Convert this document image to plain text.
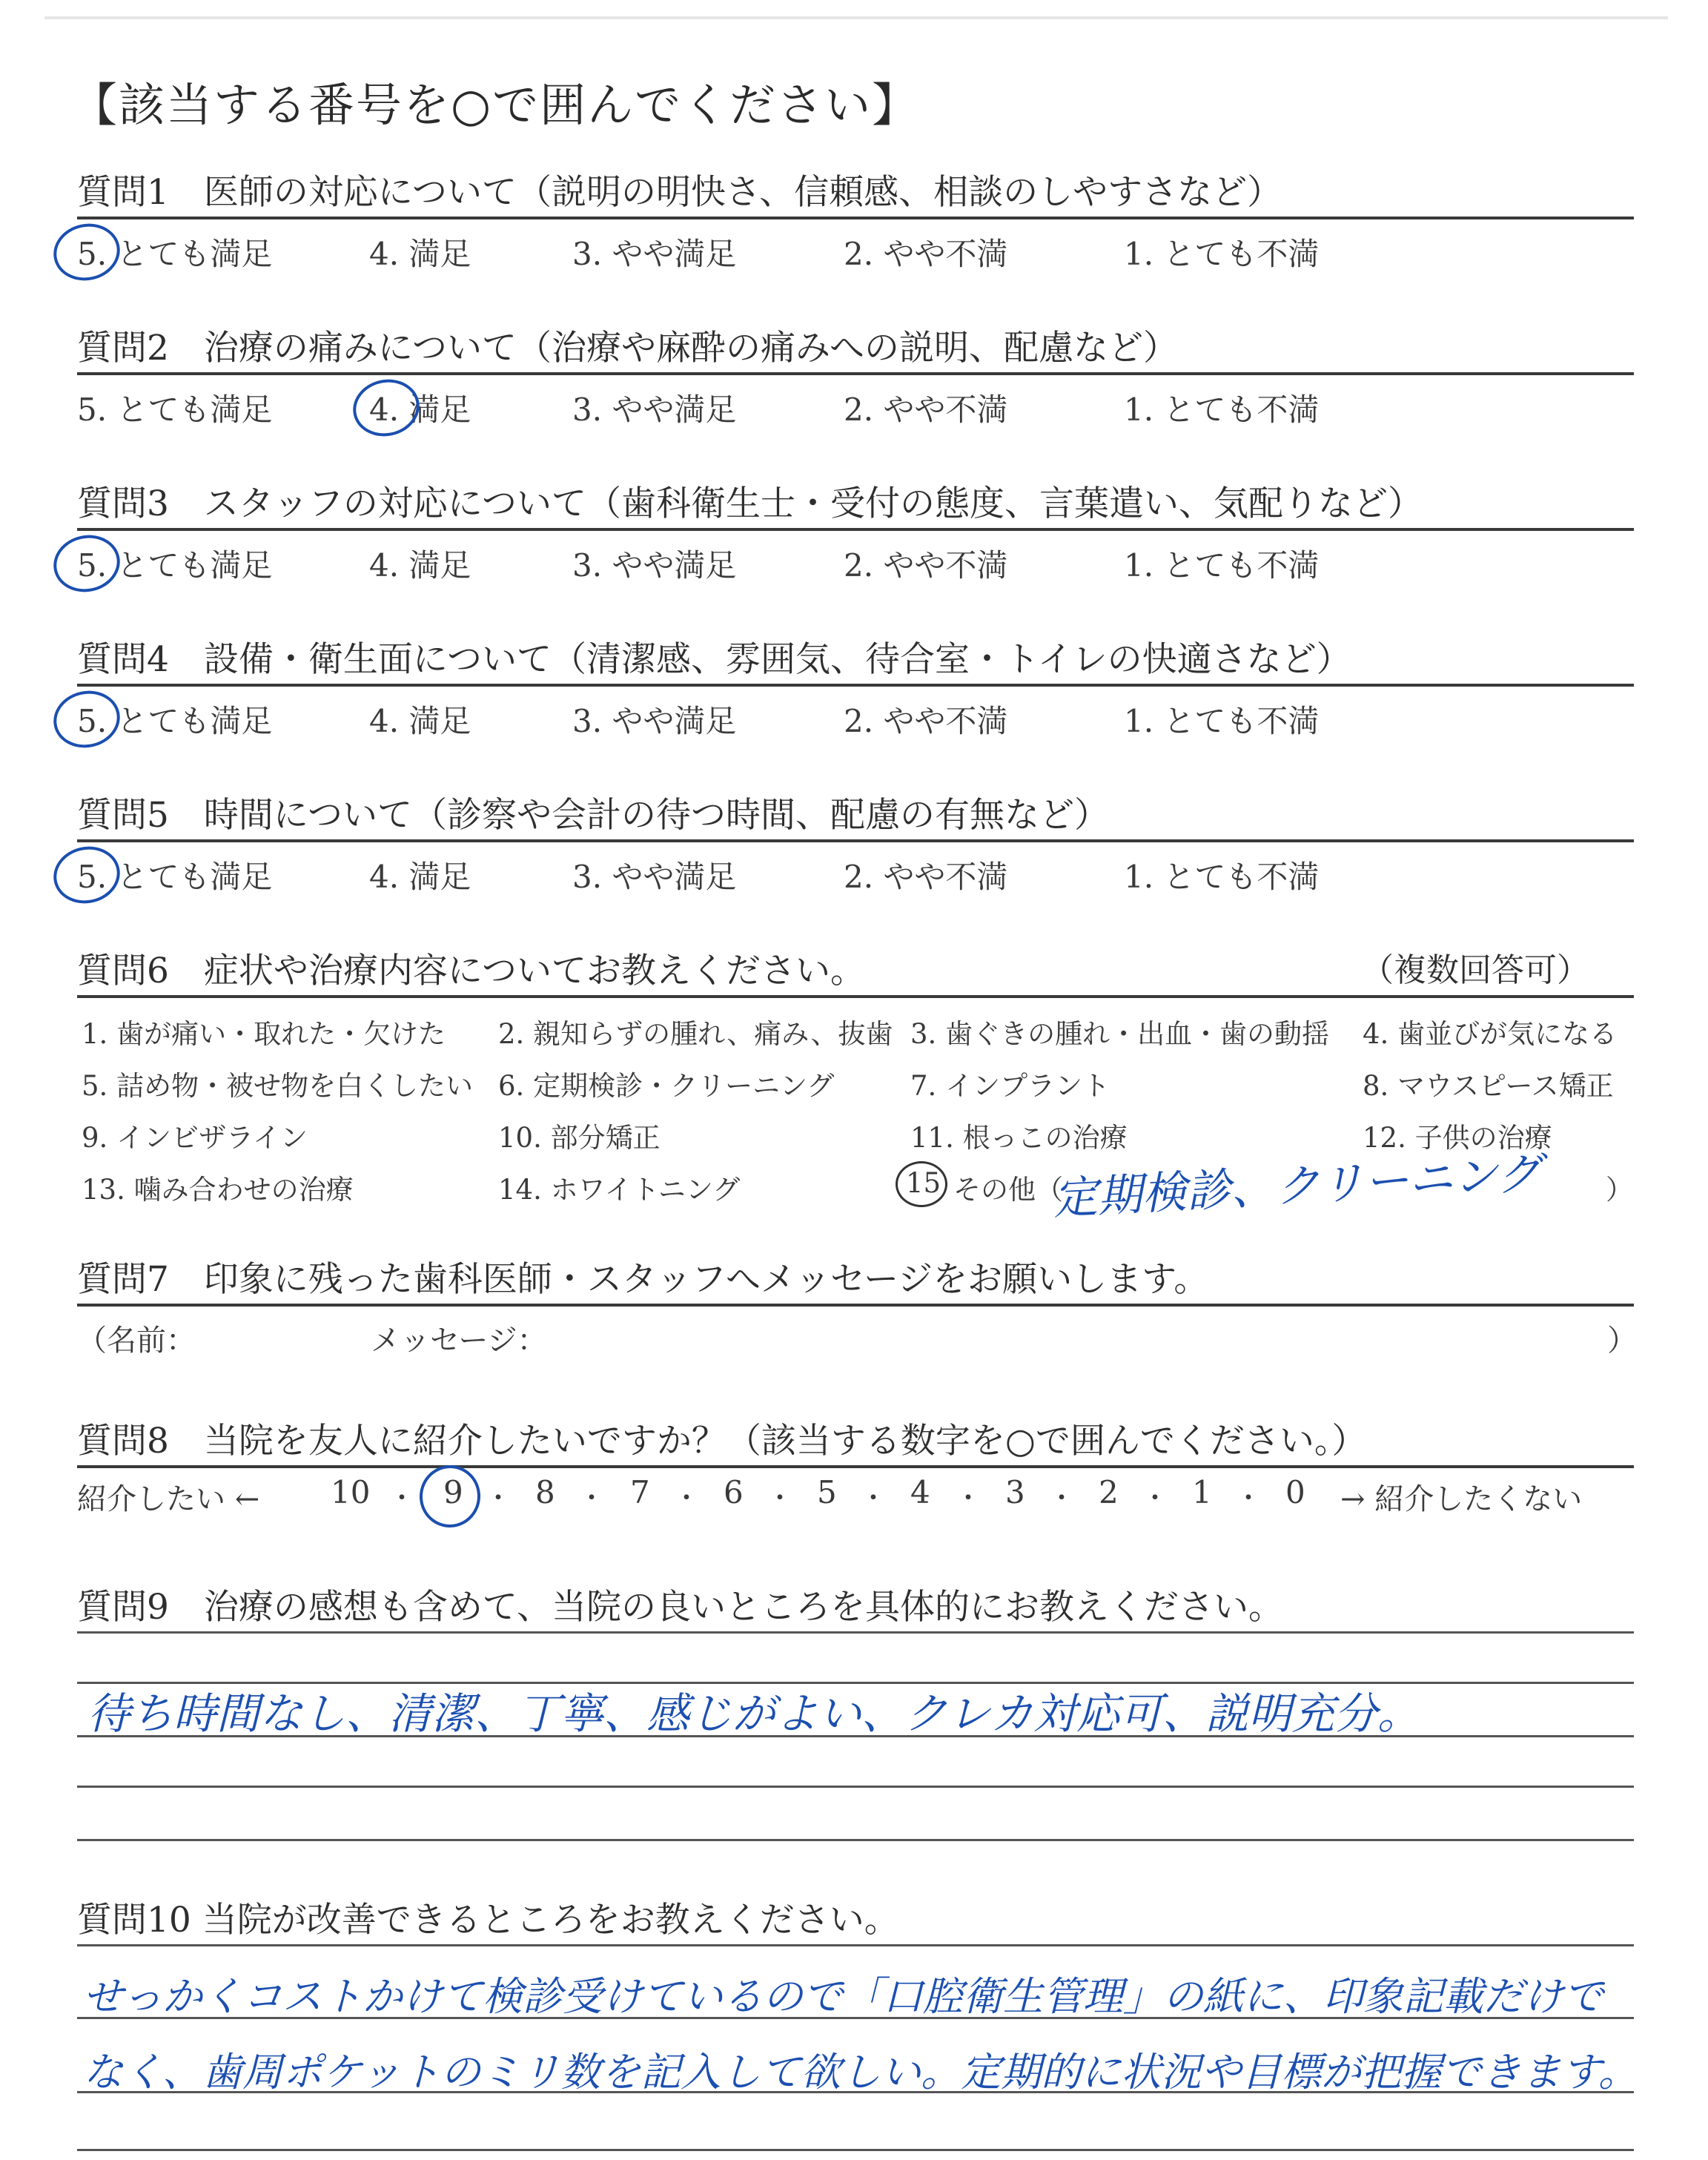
【該当する番号を○で囲んでください】
質問1　医師の対応について（説明の明快さ、信頼感、相談のしやすさなど）
5. とても満足	4. 満足	3. やや満足	2. やや不満	1. とても不満
質問2　治療の痛みについて（治療や麻酔の痛みへの説明、配慮など）
5. とても満足	4. 満足	3. やや満足	2. やや不満	1. とても不満
質問3　スタッフの対応について（歯科衛生士・受付の態度、言葉遣い、気配りなど）
5. とても満足	4. 満足	3. やや満足	2. やや不満	1. とても不満
質問4　設備・衛生面について（清潔感、雰囲気、待合室・トイレの快適さなど）
5. とても満足	4. 満足	3. やや満足	2. やや不満	1. とても不満
質問5　時間について（診察や会計の待つ時間、配慮の有無など）
5. とても満足	4. 満足	3. やや満足	2. やや不満	1. とても不満
質問6　症状や治療内容についてお教えください。	（複数回答可）
1. 歯が痛い・取れた・欠けた 2. 親知らずの腫れ、痛み、抜歯 3. 歯ぐきの腫れ・出血・歯の動揺 4. 歯並びが気になる
5. 詰め物・被せ物を白くしたい 6. 定期検診・クリーニング	7. インプラント	8. マウスピース矯正
9. インビザライン	10. 部分矯正	11. 根っこの治療	12. 子供の治療
13. 噛み合わせの治療	14. ホワイトニング	15 その他（
定期検診、クリーニング ）
質問7　印象に残った歯科医師・スタッフへメッセージをお願いします。
（名前：	メッセージ：	）
質問8　当院を友人に紹介したいですか？（該当する数字を○で囲んでください。）
紹介したい ← 10 ・ 9 ・ 8 ・ 7 ・ 6 ・ 5 ・ 4 ・ 3 ・ 2 ・ 1 ・ 0 → 紹介したくない
質問9　治療の感想も含めて、当院の良いところを具体的にお教えください。
待ち時間なし、清潔、丁寧、感じがよい、クレカ対応可、説明充分。
質問10 当院が改善できるところをお教えください。
せっかくコストかけて検診受けているので「口腔衛生管理」の紙に、印象記載だけで
なく、歯周ポケットのミリ数を記入して欲しい。定期的に状況や目標が把握できます。
